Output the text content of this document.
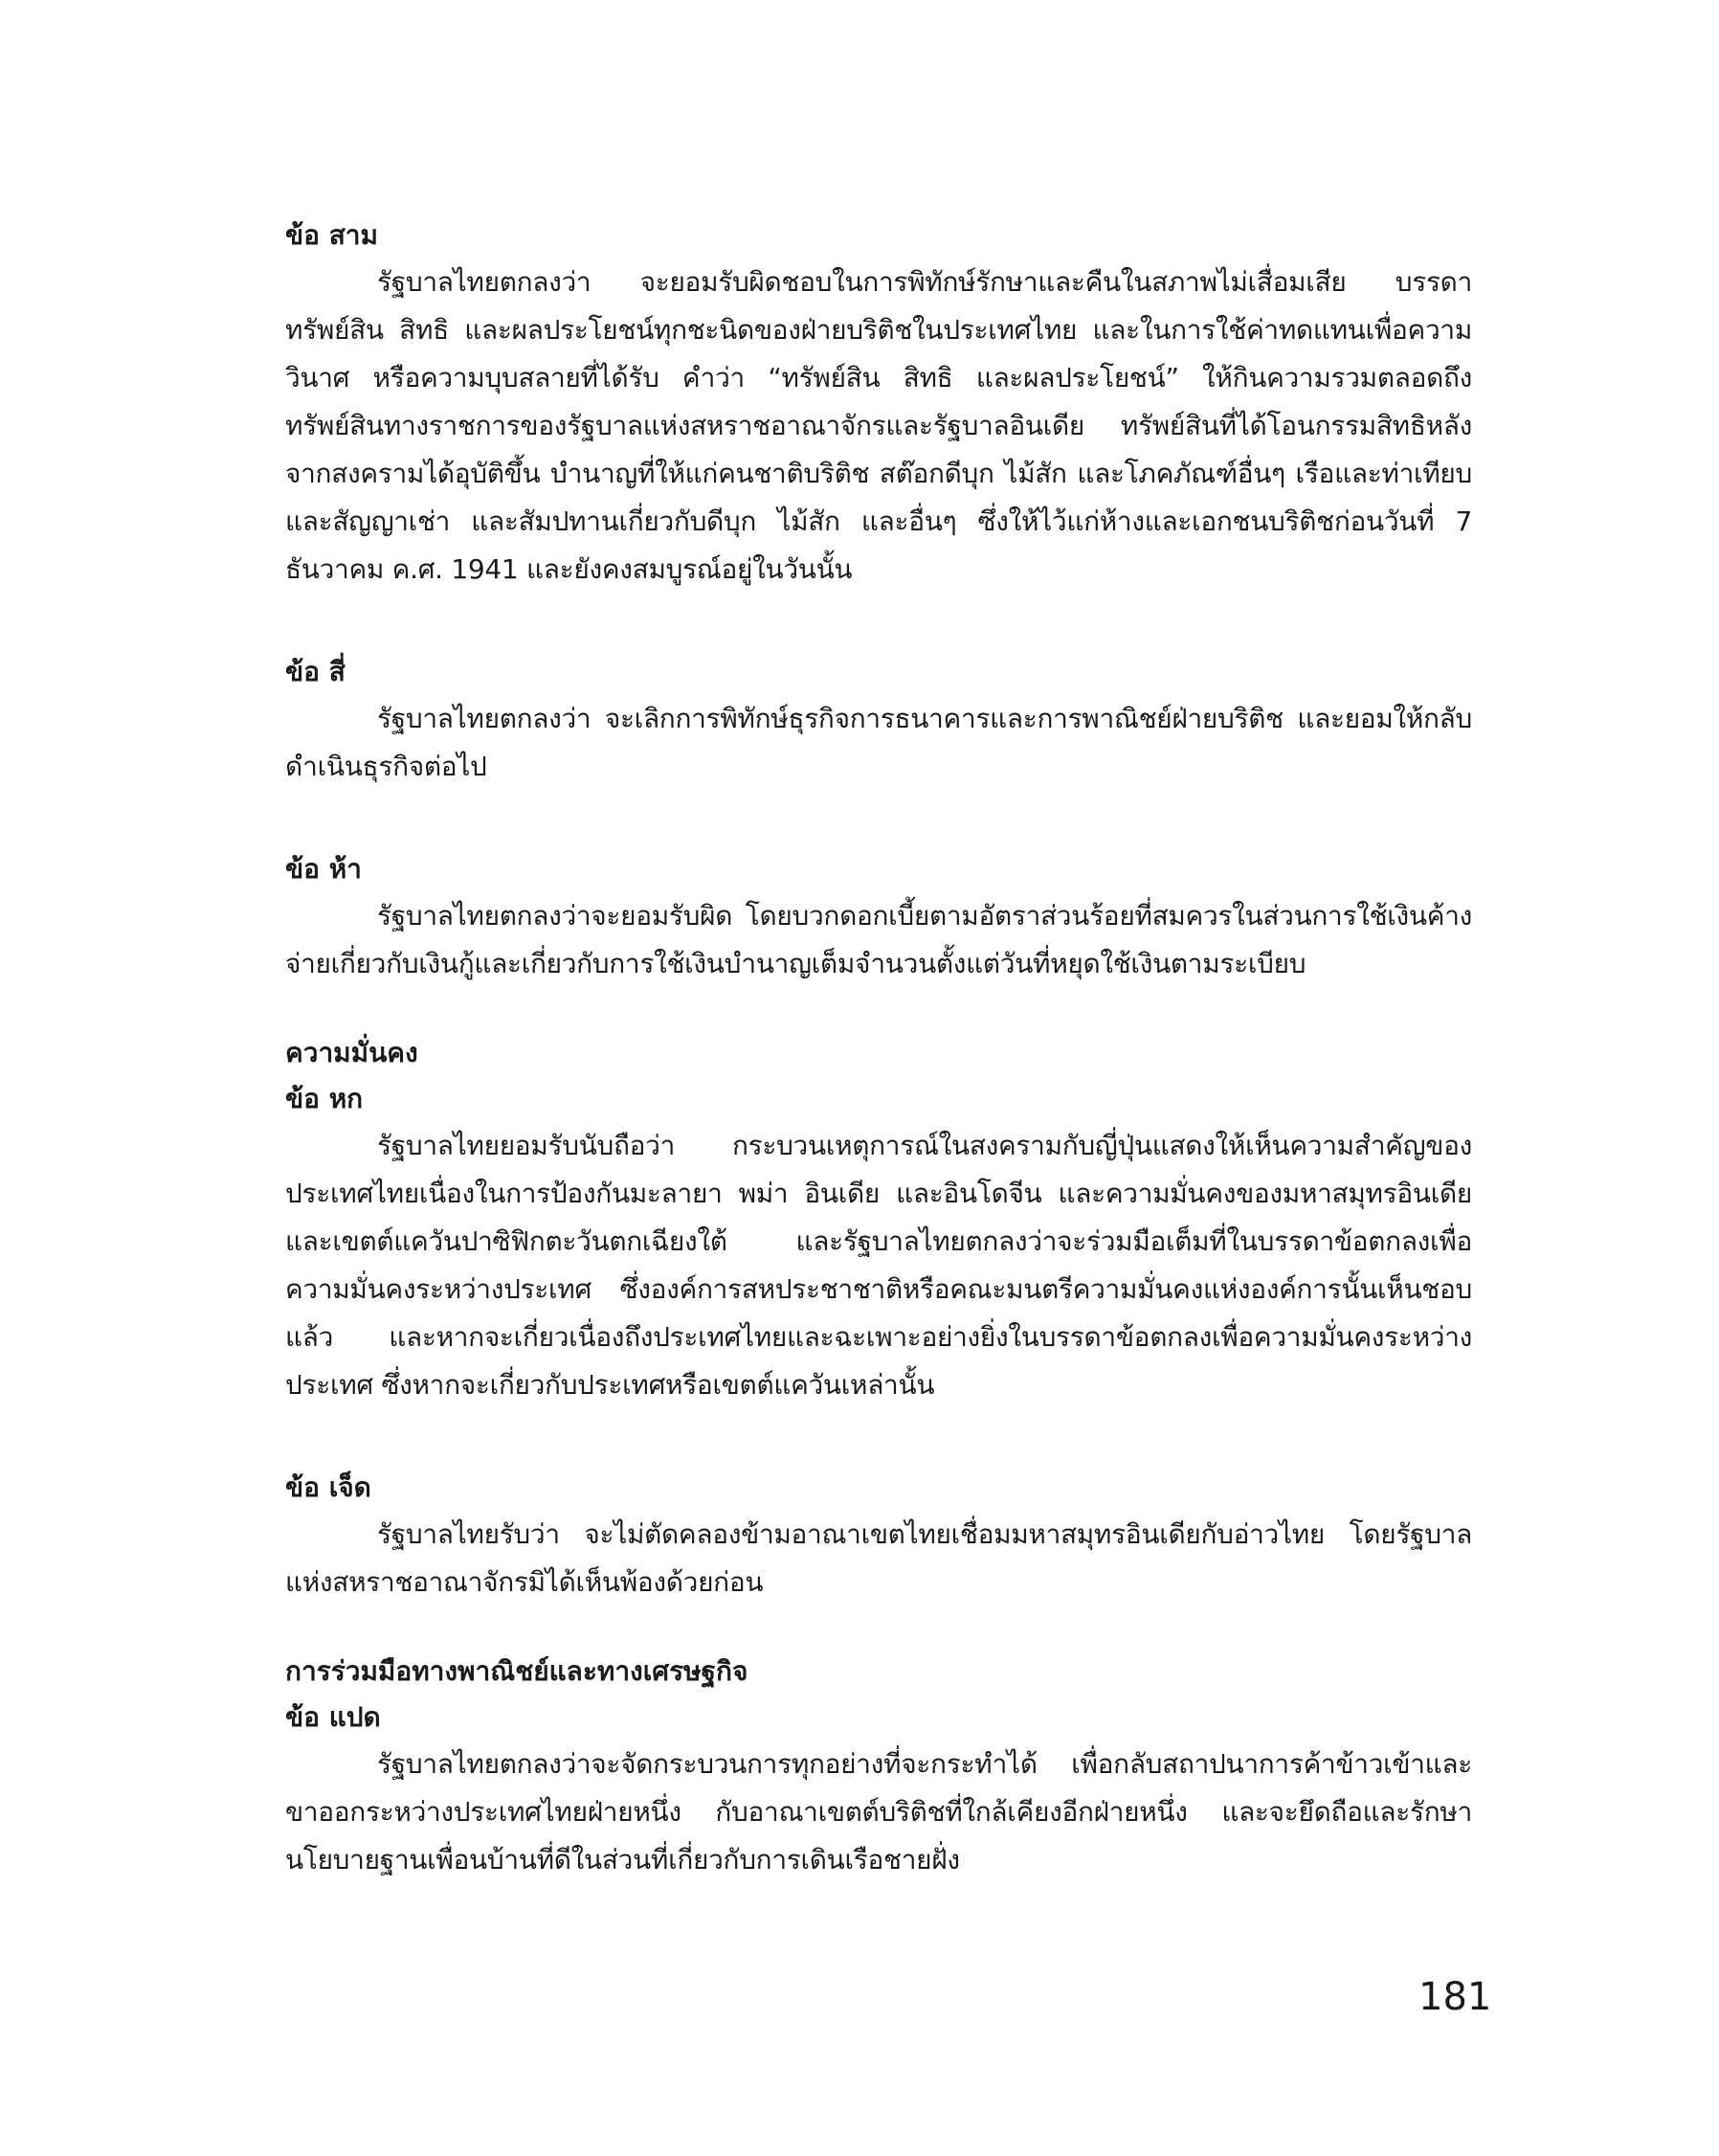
ข้อ สาม

รัฐบาลไทยตกลงว่า จะยอมรับผิดชอบในการพิทักษ์รักษาและคืนในสภาพไม่เสื่อมเสีย บรรดาทรัพย์สิน สิทธิ และผลประโยชน์ทุกชะนิดของฝ่ายบริติชในประเทศไทย และในการใช้ค่าทดแทนเพื่อความวินาศ หรือความบุบสลายที่ได้รับ คำว่า “ทรัพย์สิน สิทธิ และผลประโยชน์” ให้กินความรวมตลอดถึงทรัพย์สินทางราชการของรัฐบาลแห่งสหราชอาณาจักรและรัฐบาลอินเดีย ทรัพย์สินที่ได้โอนกรรมสิทธิหลังจากสงครามได้อุบัติขึ้น บำนาญที่ให้แก่คนชาติบริติช สต๊อกดีบุก ไม้สัก และโภคภัณฑ์อื่นๆ เรือและท่าเทียบ และสัญญาเช่า และสัมปทานเกี่ยวกับดีบุก ไม้สัก และอื่นๆ ซึ่งให้ไว้แก่ห้างและเอกชนบริติชก่อนวันที่ 7 ธันวาคม ค.ศ. 1941 และยังคงสมบูรณ์อยู่ในวันนั้น

ข้อ สี่

รัฐบาลไทยตกลงว่า จะเลิกการพิทักษ์ธุรกิจการธนาคารและการพาณิชย์ฝ่ายบริติช และยอมให้กลับดำเนินธุรกิจต่อไป

ข้อ ห้า

รัฐบาลไทยตกลงว่าจะยอมรับผิด โดยบวกดอกเบี้ยตามอัตราส่วนร้อยที่สมควรในส่วนการใช้เงินค้างจ่ายเกี่ยวกับเงินกู้และเกี่ยวกับการใช้เงินบำนาญเต็มจำนวนตั้งแต่วันที่หยุดใช้เงินตามระเบียบ

ความมั่นคง
ข้อ หก

รัฐบาลไทยยอมรับนับถือว่า กระบวนเหตุการณ์ในสงครามกับญี่ปุ่นแสดงให้เห็นความสำคัญของประเทศไทยเนื่องในการป้องกันมะลายา พม่า อินเดีย และอินโดจีน และความมั่นคงของมหาสมุทรอินเดียและเขตต์แควันปาซิฟิกตะวันตกเฉียงใต้ และรัฐบาลไทยตกลงว่าจะร่วมมือเต็มที่ในบรรดาข้อตกลงเพื่อความมั่นคงระหว่างประเทศ ซึ่งองค์การสหประชาชาติหรือคณะมนตรีความมั่นคงแห่งองค์การนั้นเห็นชอบแล้ว และหากจะเกี่ยวเนื่องถึงประเทศไทยและฉะเพาะอย่างยิ่งในบรรดาข้อตกลงเพื่อความมั่นคงระหว่างประเทศ ซึ่งหากจะเกี่ยวกับประเทศหรือเขตต์แควันเหล่านั้น

ข้อ เจ็ด

รัฐบาลไทยรับว่า จะไม่ตัดคลองข้ามอาณาเขตไทยเชื่อมมหาสมุทรอินเดียกับอ่าวไทย โดยรัฐบาลแห่งสหราชอาณาจักรมิได้เห็นพ้องด้วยก่อน

การร่วมมือทางพาณิชย์และทางเศรษฐกิจ
ข้อ แปด

รัฐบาลไทยตกลงว่าจะจัดกระบวนการทุกอย่างที่จะกระทำได้ เพื่อกลับสถาปนาการค้าข้าวเข้าและขาออกระหว่างประเทศไทยฝ่ายหนึ่ง กับอาณาเขตต์บริติชที่ใกล้เคียงอีกฝ่ายหนึ่ง และจะยึดถือและรักษานโยบายฐานเพื่อนบ้านที่ดีในส่วนที่เกี่ยวกับการเดินเรือชายฝั่ง

181
